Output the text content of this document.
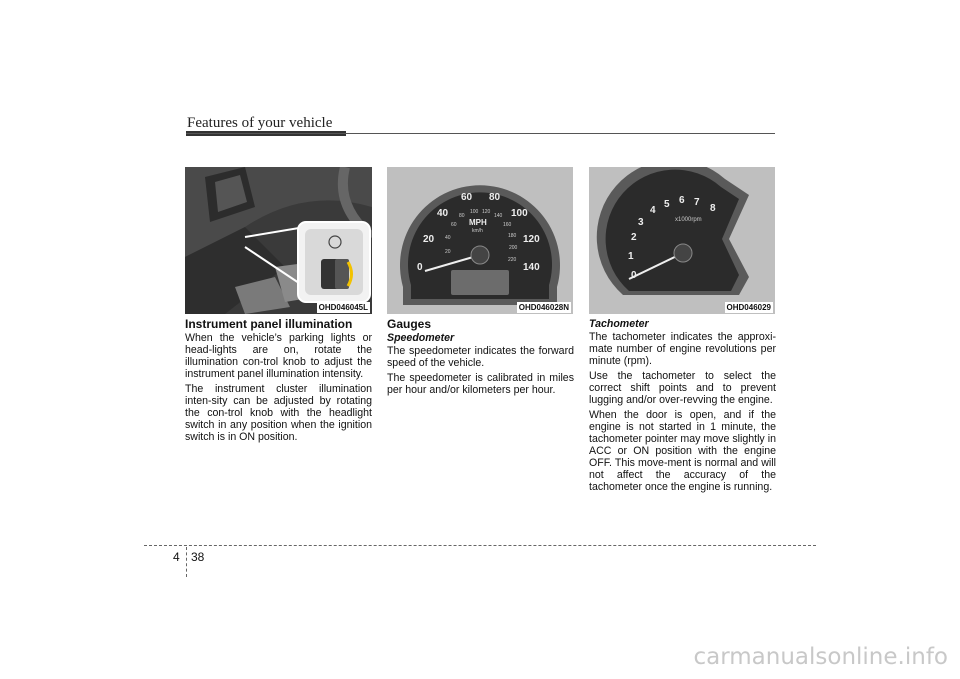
Features of your vehicle
OHD046045L
0
20
40
60 80
100
120
140
20
40
60
80
100 120
140
160
180
200
220
MPH
km/h
OHD046028N
0
1
2
3
4
5 6 7
8
x1000rpm
OHD046029
Instrument panel illumination

When the vehicle’s parking lights or head-lights are on, rotate the illumination con-trol knob to adjust the instrument panel illumination intensity.

The instrument cluster illumination inten-sity can be adjusted by rotating the con-trol knob with the headlight switch in any position when the ignition switch is in ON position.

Gauges
Speedometer

The speedometer indicates the forward speed of the vehicle.

The speedometer is calibrated in miles per hour and/or kilometers per hour.

Tachometer

The tachometer indicates the approxi-mate number of engine revolutions per minute (rpm).

Use the tachometer to select the correct shift points and to prevent lugging and/or over-revving the engine.

When the door is open, and if the engine is not started in 1 minute, the tachometer pointer may move slightly in ACC or ON position with the engine OFF. This move-ment is normal and will not affect the accuracy of the tachometer once the engine is running.

4 38
carmanualsonline.info
